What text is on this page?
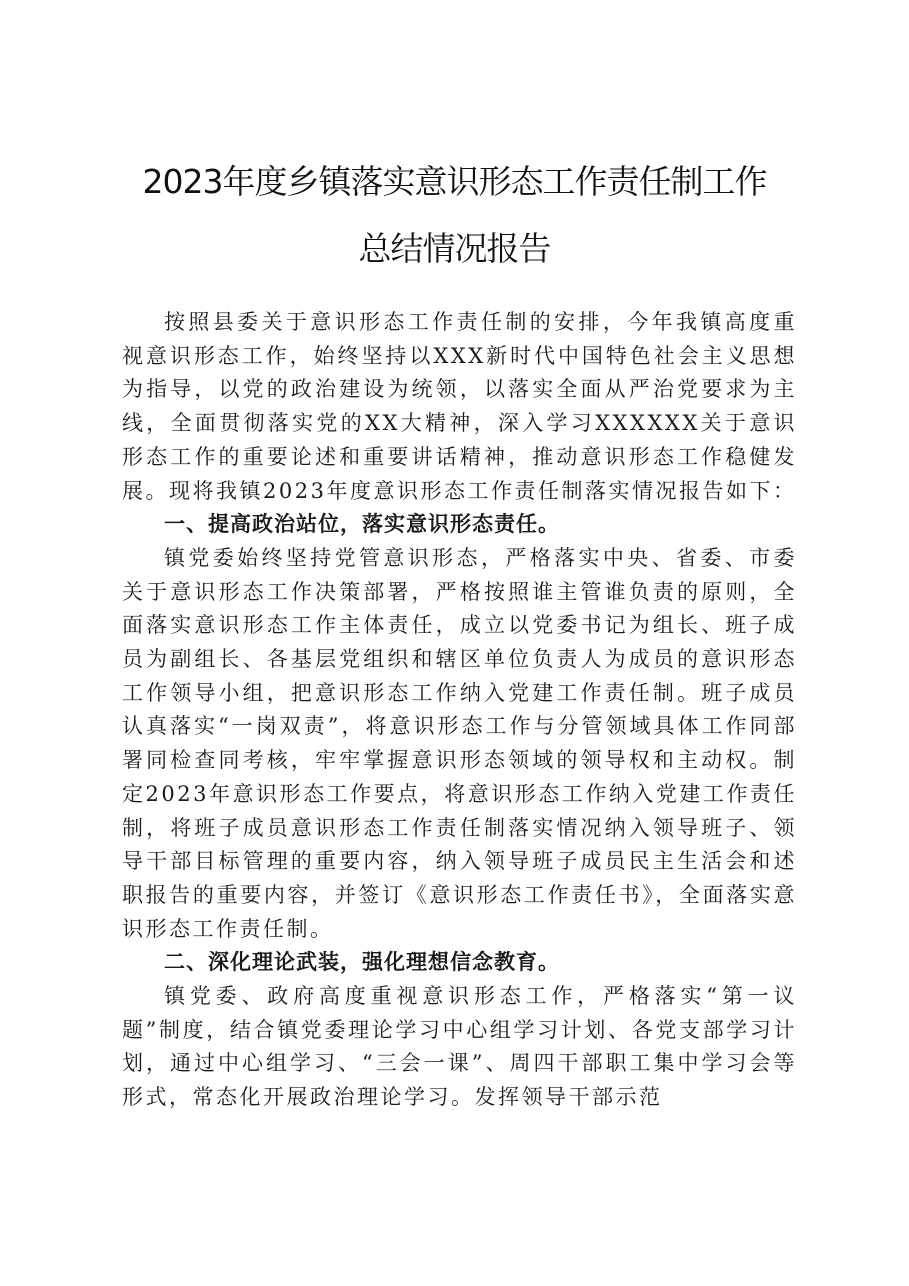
2023年度乡镇落实意识形态工作责任制工作
总结情况报告

按照县委关于意识形态工作责任制的安排，今年我镇高度重视意识形态工作，始终坚持以XXX新时代中国特色社会主义思想为指导，以党的政治建设为统领，以落实全面从严治党要求为主线，全面贯彻落实党的XX大精神，深入学习XXXXXX关于意识形态工作的重要论述和重要讲话精神，推动意识形态工作稳健发展。现将我镇2023年度意识形态工作责任制落实情况报告如下：

一、提高政治站位，落实意识形态责任。

镇党委始终坚持党管意识形态，严格落实中央、省委、市委关于意识形态工作决策部署，严格按照谁主管谁负责的原则，全面落实意识形态工作主体责任，成立以党委书记为组长、班子成员为副组长、各基层党组织和辖区单位负责人为成员的意识形态工作领导小组，把意识形态工作纳入党建工作责任制。班子成员认真落实“一岗双责”，将意识形态工作与分管领域具体工作同部署同检查同考核，牢牢掌握意识形态领域的领导权和主动权。制定2023年意识形态工作要点，将意识形态工作纳入党建工作责任制，将班子成员意识形态工作责任制落实情况纳入领导班子、领导干部目标管理的重要内容，纳入领导班子成员民主生活会和述职报告的重要内容，并签订《意识形态工作责任书》，全面落实意识形态工作责任制。

二、深化理论武装，强化理想信念教育。

镇党委、政府高度重视意识形态工作，严格落实“第一议题”制度，结合镇党委理论学习中心组学习计划、各党支部学习计划，通过中心组学习、“三会一课”、周四干部职工集中学习会等形式，常态化开展政治理论学习。发挥领导干部示范
